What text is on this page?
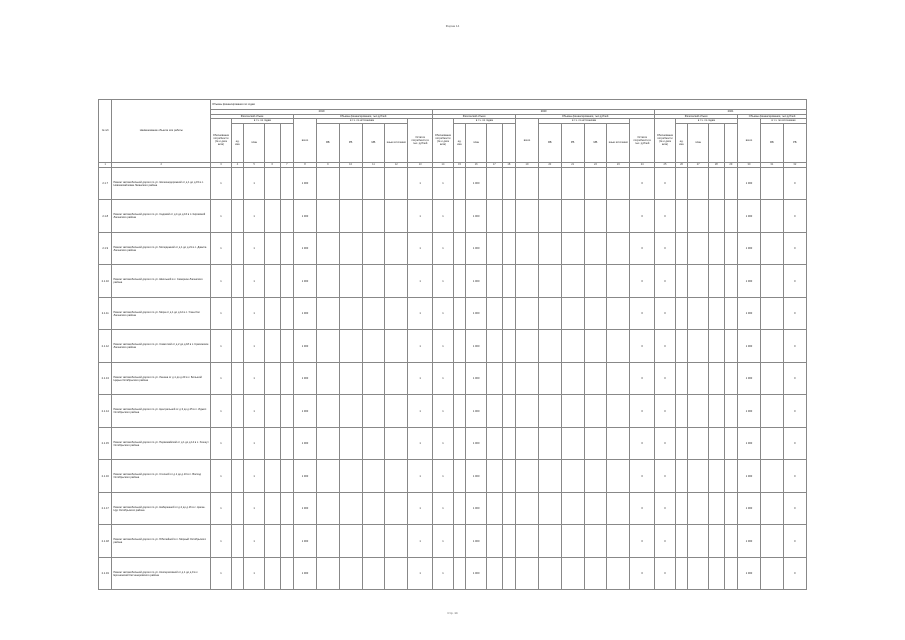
Форма 14
№ п/п	Наименование объекта или работы	Объемы финансирования по годам																													
		2019											2020											2021							
		Физический объем					Объемы финансирования, тыс.рублей						Физический объем					Объемы финансирования, тыс.рублей						Физический объем					Объемы финансирования, тыс.рублей		
		Обоснование потребности (№ и дата акта)	в т.ч. по годам				всего	в т.ч. по источникам				Остаток потребности в тыс. рублей	Обоснование потребности (№ и дата акта)	в т.ч. по годам				всего	в т.ч. по источникам				Остаток потребности в тыс. рублей	Обоснование потребности (№ и дата акта)	в т.ч. по годам				всего	в т.ч. по источникам	
			ед. изм.	план				ФБ	РБ	МБ	иные источники			ед. изм.	план				ФБ	РБ	МБ	иные источники			ед. изм.	план				ФБ	РБ
1	2	3	4	5	6	7	8	9	10	11	12	13	14	15	16	17	18	19	20	21	22	23	24	25	26	27	28	29	30	31	32
2.1.7	Ремонт автомобильной дороги по ул. Железнодорожной от д.1 до д.15 в с. Новомихайловка Лаганского района	1		1			1 000					1	1		1 000								0	0					1 000		0
2.1.8	Ремонт автомобильной дороги по ул. Садовой от д.4 до д.16 в п. Кировский Лаганского района	1		1			1 000					1	1		1 000								0	0					1 000		0
2.1.9	Ремонт автомобильной дороги по ул. Молодежной от д.1 до д.21 в с. Джалга Лаганского района	1		1			1 000					1	1		1 000								0	0					1 000		0
2.1.10	Ремонт автомобильной дороги по ул. Школьной в с. Северное Лаганского района	1		1			1 000					1	1		1 000								0	0					1 000		0
2.1.11	Ремонт автомобильной дороги по ул. Мира от д.1 до д.12 в с. Улан-Хол Лаганского района	1		1			1 000					1	1		1 000								0	0					1 000		0
2.1.12	Ремонт автомобильной дороги по ул. Советской от д.2 до д.18 в с. Красинское Лаганского района	1		1			1 000					1	1		1 000								0	0					1 000		0
2.1.13	Ремонт автомобильной дороги по ул. Ленина от д.1 до д.20 в с. Большой Царын Октябрьского района	1		1			1 000					1	1		1 000								0	0					1 000		0
2.1.14	Ремонт автомобильной дороги по ул. Центральной от д.3 до д.25 в п. Иджил Октябрьского района	1		1			1 000					1	1		1 000								0	0					1 000		0
2.1.15	Ремонт автомобильной дороги по ул. Первомайской от д.1 до д.14 в с. Хошеут Октябрьского района	1		1			1 000					1	1		1 000								0	0					1 000		0
2.1.16	Ремонт автомобильной дороги по ул. Степной от д.1 до д.10 в п. Восход Октябрьского района	1		1			1 000					1	1		1 000								0	0					1 000		0
2.1.17	Ремонт автомобильной дороги по ул. Набережной от д.2 до д.16 в с. Цаган-Нур Октябрьского района	1		1			1 000					1	1		1 000								0	0					1 000		0
2.1.18	Ремонт автомобильной дороги по ул. Юбилейной в п. Мирный Октябрьского района	1		1			1 000					1	1		1 000								0	0					1 000		0
2.1.19	Ремонт автомобильной дороги по ул. Кооперативной от д.1 до д.9 в с. Ергенинский Кетченеровского района	1		1			1 000					1	1		1 000								0	0					1 000		0
Стр. 14
